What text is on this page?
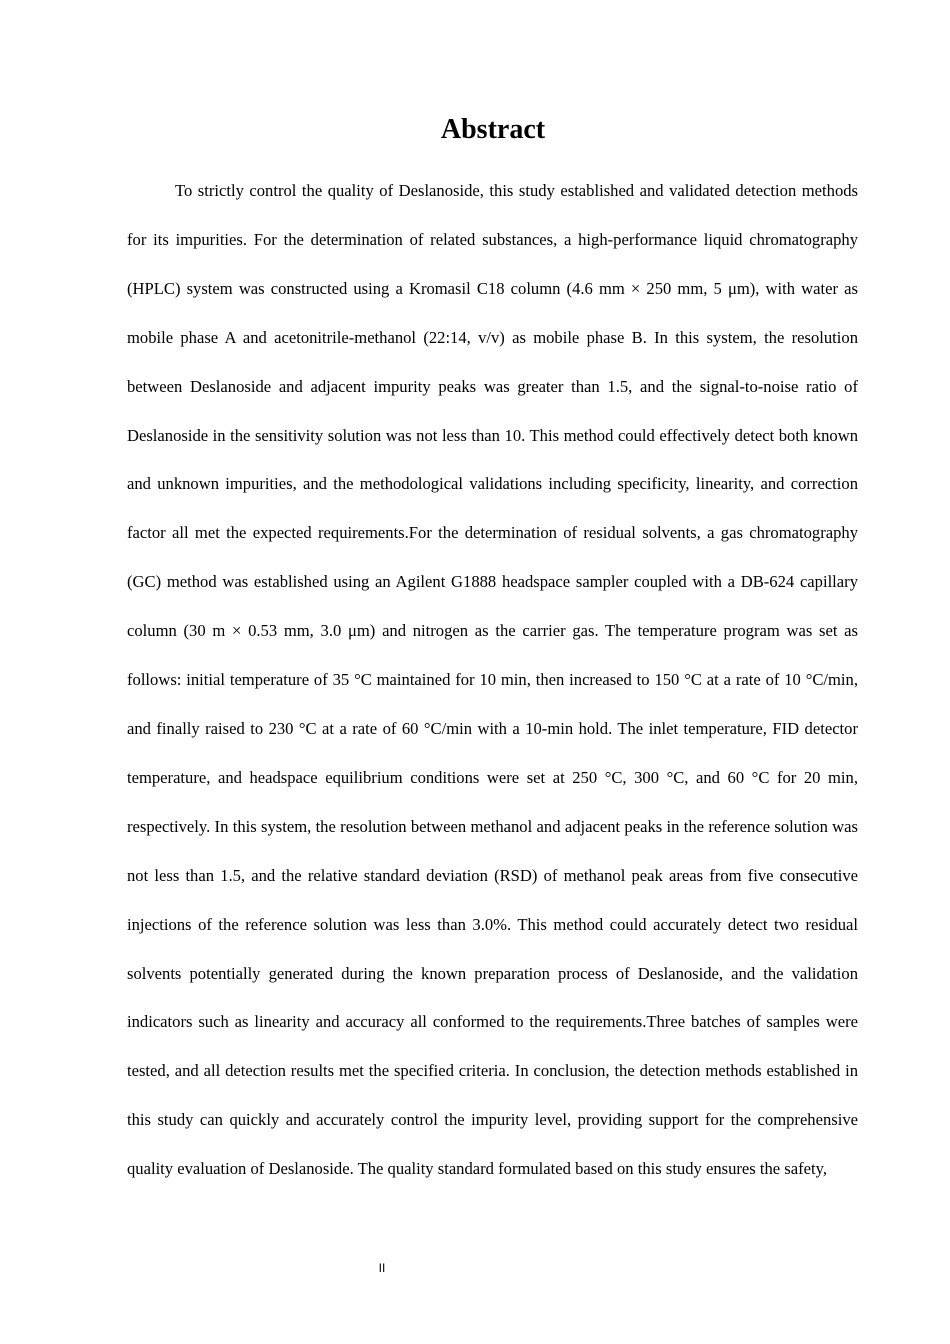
Abstract

To strictly control the quality of Deslanoside, this study established and validated detection methods for its impurities. For the determination of related substances, a high-performance liquid chromatography (HPLC) system was constructed using a Kromasil C18 column (4.6 mm × 250 mm, 5 μm), with water as mobile phase A and acetonitrile-methanol (22:14, v/v) as mobile phase B. In this system, the resolution between Deslanoside and adjacent impurity peaks was greater than 1.5, and the signal-to-noise ratio of Deslanoside in the sensitivity solution was not less than 10. This method could effectively detect both known and unknown impurities, and the methodological validations including specificity, linearity, and correction factor all met the expected requirements.For the determination of residual solvents, a gas chromatography (GC) method was established using an Agilent G1888 headspace sampler coupled with a DB-624 capillary column (30 m × 0.53 mm, 3.0 μm) and nitrogen as the carrier gas. The temperature program was set as follows: initial temperature of 35 °C maintained for 10 min, then increased to 150 °C at a rate of 10 °C/min, and finally raised to 230 °C at a rate of 60 °C/min with a 10-min hold. The inlet temperature, FID detector temperature, and headspace equilibrium conditions were set at 250 °C, 300 °C, and 60 °C for 20 min, respectively. In this system, the resolution between methanol and adjacent peaks in the reference solution was not less than 1.5, and the relative standard deviation (RSD) of methanol peak areas from five consecutive injections of the reference solution was less than 3.0%. This method could accurately detect two residual solvents potentially generated during the known preparation process of Deslanoside, and the validation indicators such as linearity and accuracy all conformed to the requirements.Three batches of samples were tested, and all detection results met the specified criteria. In conclusion, the detection methods established in this study can quickly and accurately control the impurity level, providing support for the comprehensive quality evaluation of Deslanoside. The quality standard formulated based on this study ensures the safety,

II
